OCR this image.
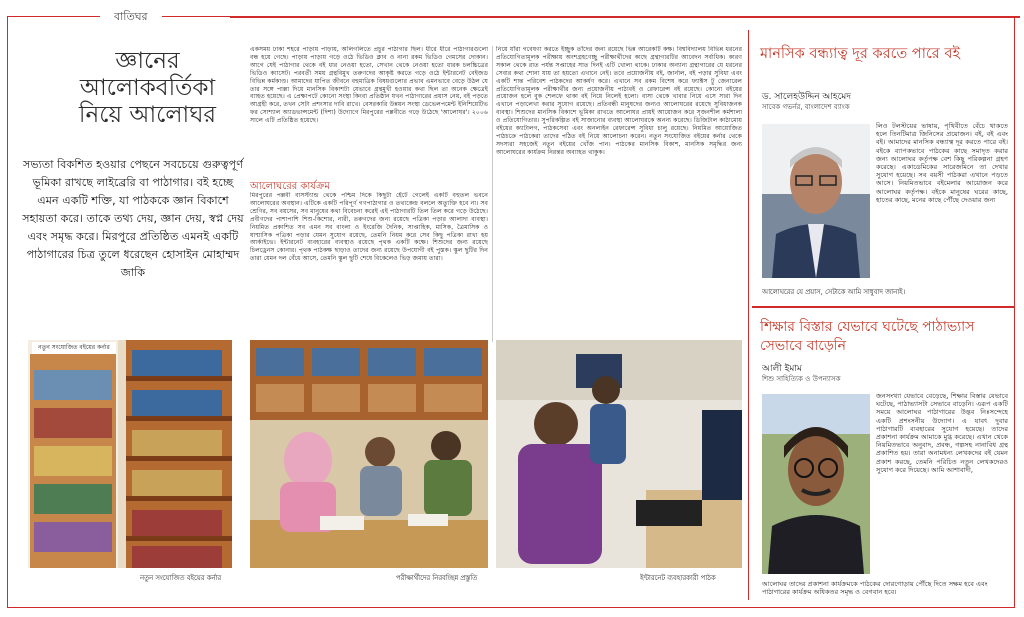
বাতিঘর
জ্ঞানের
আলোকবর্তিকা
নিয়ে আলোঘর
সভ্যতা বিকশিত হওয়ার পেছনে সবচেয়ে গুরুত্বপূর্ণ ভূমিকা রাখছে লাইব্রেরি বা পাঠাগার। বই হচ্ছে এমন একটি শক্তি, যা পাঠককে জ্ঞান বিকাশে সহায়তা করে। তাকে তথ্য দেয়, জ্ঞান দেয়, স্বপ্ন দেয় এবং সমৃদ্ধ করে। মিরপুরে প্রতিষ্ঠিত এমনই একটি পাঠাগারের চিত্র তুলে ধরেছেন হোসাইন মোহাম্মদ জাকি

একসময় ঢাকা শহরে পাড়ায় পাড়ায়, অলিগলিতে প্রচুর পাঠাগার ছিল। ধীরে ধীরে পাঠাগারগুলো বন্ধ হয়ে গেছে। পাড়ায় পাড়ায় গড়ে ওঠে ভিডিও ক্লাব ও নানা রকম ভিডিও গেমসের দোকান। আগে যেই পাঠাগার থেকে বই ধার নেওয়া হতো, সেখান থেকে নেওয়া হতো ধারক চলচ্চিত্রের ভিডিও ক্যাসেট। পরবর্তী সময় গ্রন্থবিমুখ তরুণদের আকৃষ্ট করতে গড়ে ওঠে ইন্টারনেট বেইজড বিভিন্ন কর্মকাণ্ড। আমাদের যাপিত জীবনে বহুমাত্রিক বিষয়গুলোর প্রভাব এমনভাবে বেড়ে উঠল যে তার সঙ্গে পাল্লা দিয়ে মানসিক বিকাশটা যেভাবে গ্রন্থমুখী হওয়ার কথা ছিল তা অনেক ক্ষেত্রেই ব্যাহত হয়েছে। এ প্রেক্ষাপটে কোনো সংস্থা কিংবা প্রতিষ্ঠান যখন পাঠাগারের প্রয়াস নেয়, বই পড়তে আগ্রহী করে, তখন সেটা প্রশংসার দাবি রাখে। বেসরকারি উন্নয়ন সংস্থা ডেভেলপমেন্ট ইনিশিয়েটিভ ফর সোশ্যাল অ্যাডভান্সমেন্ট (দিশা) উদ্যোগে মিরপুরের পল্লবীতে গড়ে উঠেছে 'আলোঘর'। ২০০৬ সালে এটি প্রতিষ্ঠিত হয়েছে।

আলোঘরের কার্যক্রম

মিরপুরের পল্লবী বাসস্ট্যান্ড থেকে পশ্চিম দিকে কিছুটা হেঁটে গেলেই একটি বহুতল ভবনে আলোঘরের অবস্থান। এটিকে একটি পরিপূর্ণ গণপাঠাগার ও তথ্যকেন্দ্র বললে অত্যুক্তি হবে না। সব শ্রেণির, সব বয়সের, সব মানুষের কথা বিবেচনা করেই এই পাঠাগারটি তিল তিল করে গড়ে উঠেছে। প্রবীণদের পাশাপাশি শিশু-কিশোর, নারী, তরুণদের জন্য রয়েছে পত্রিকা পড়ার আলাদা ব্যবস্থা। নিয়মিত প্রকাশিত সব এমন সব বাংলা ও ইংরেজি দৈনিক, সাপ্তাহিক, মাসিক, ত্রৈমাসিক ও ষাণ্মাসিক পত্রিকা পড়ার যেমন সুযোগ রয়েছে, তেমনি নিয়ম করে সেব কিছু পত্রিকা রাখা হয় আর্কাইভে। ইন্টারনেট ব্যবহারের ব্যবস্থাও রয়েছে পৃথক একটি কক্ষে। শিশুদের জন্য রয়েছে চিলড্রেনস কোনার। পৃথক পাঠকক্ষ ছাড়াও তাদের জন্য রয়েছে উপযোগী বই পুস্তক। স্কুল ছুটির দিন তারা যেমন দল বেঁধে আসে, তেমনি স্কুল ছুটি শেষে বিকেলেও ভিড় জমায় তারা।

নিয়ে যাঁরা গবেষণা করতে ইচ্ছুক তাঁদের জন্য রয়েছে ভিন্ন আরেকটি কক্ষ। বিশ্ববিদ্যালয় বিভিন্ন ধরনের প্রতিযোগিতামূলক পরীক্ষায় অংশগ্রহণেচ্ছু পরীক্ষার্থীদের কাছে গ্রন্থাগারটির আবেদন সর্বাধিক। কারণ সকাল থেকে রাত পর্যন্ত সপ্তাহের সাত দিনই এটি খোলা থাকে। ঢাকার অন্যান্য গ্রন্থাগারের যে ধরনের সেবার কথা শোনা যায় তা হয়তো এখানে নেই। তবে প্রয়োজনীয় বই, জার্নাল, বই পড়ার সুবিধা এবং একটি শান্ত পরিবেশ পাঠকদের আকর্ষণ করে। এখানে সব রকম বিশেষ করে ফ্যাক্টস টু জেনারেল প্রতিযোগিতামূলক পরীক্ষার্থীর জন্য প্রয়োজনীয় পাঠ্যবই ও রেফারেন্স বই রয়েছে। কোনো বইয়ের প্রয়োজন হলে বুক শেলফে থাকা বই নিয়ে নিলেই হলো। বাসা থেকে খাবার নিয়ে এসে সারা দিন এখানে পড়ালেখা করার সুযোগ রয়েছে। প্রতিবন্ধী মানুষদের জন্যও আলোঘরের রয়েছে সুবিধাজনক ব্যবস্থা। শিশুদের মানসিক বিকাশে ভূমিকা রাখতে আলোঘর প্রায়ই আয়োজন করে সৃজনশীল কর্মশালা ও প্রতিযোগিতার। সুপরিকল্পিত বই সাজানোর ব্যবস্থা আলোঘরকে অনন্য করেছে। ডিজিটাল কাঠামোয় বইয়ের ক্যাটালগ, পাঠকসেবা এবং অনলাইন রেফারেন্স সুবিধা চালু রয়েছে। নিয়মিত আয়োজিত পাঠচক্রে পাঠকেরা তাদের পঠিত বই নিয়ে আলোচনা করেন। নতুন সংযোজিত বইয়ের কর্নার থেকে সদস্যরা সহজেই নতুন বইয়ের খোঁজ পান। পাঠকের মানসিক বিকাশ, মানসিক সমৃদ্ধির জন্য আলোঘরের কার্যক্রম নিরন্তর অব্যাহত থাকুক।

নতুন সংযোজিত বইয়ের কর্নার
নতুন সংযোজিত বইয়ের কর্নার	পরীক্ষার্থীদের নিরবচ্ছিন্ন প্রস্তুতি	ইন্টারনেট ব্যবহারকারী পাঠক
মানসিক বন্ধ্যাত্ব দূর করতে পারে বই
ড. সালেহউদ্দিন আহমেদ
সাবেক গভর্নর, বাংলাদেশ ব্যাংক
লিও টলস্টয়ের ভাষায়, পৃথিবীতে বেঁচে থাকতে হলে তিনটিমাত্র জিনিসের প্রয়োজন। বই, বই এবং বই। আমাদের মানসিক বন্ধ্যাত্ব দূর করতে পারে বই। বইকে ব্যাপকভাবে পাঠকের কাছে সমাদৃত করার জন্য আলোঘর কর্তৃপক্ষ বেশ কিছু পরিকল্পনা গ্রহণ করেছে। একাডেমিকের সারেজমিনে তা দেখার সুযোগ হয়েছে। সব বয়সী পাঠকরা এখানে পড়তে আসে। নিয়মিতভাবে বইমেলার আয়োজন করে আলোঘর কর্তৃপক্ষ। বইকে মানুষের ঘরের কাছে, হাতের কাছে, মনের কাছে পৌঁছে দেওয়ার জন্য
আলোঘরের যে প্রয়াস, সেটাকে আমি সাধুবাদ জানাই।
শিক্ষার বিস্তার যেভাবে ঘটেছে পাঠাভ্যাস সেভাবে বাড়েনি
আলী ইমাম
শিশু সাহিত্যিক ও উপন্যাসক
জনসংখ্যা যেভাবে বেড়েছে, শিক্ষার বিস্তার যেভাবে ঘটেছে, পাঠাভ্যাসটা সেভাবে বাড়েনি। এরূপ একটি সময়ে আলোঘর পাঠাগারের উদ্ভব নিঃসন্দেহে একটি প্রশংসনীয় উদ্যোগ। এ যাবৎ দুবার পাঠাগারটি ব্যবহারের সুযোগ হয়েছে। তাদের প্রকাশনা কার্যক্রম আমাকে মুগ্ধ করেছে। এখান থেকে নিয়মিতভাবে অনুবাদ, প্রবন্ধ, গল্পসহ নানাবিধ গ্রন্থ প্রকাশিত হয়। তারা অনামধন্য লেখকদের বই যেমন প্রকাশ করছে, তেমনি পরিচিত নতুন লেখকদেরও সুযোগ করে দিয়েছে। আমি আশাবাদী,
আলোঘর তাদের প্রকাশনা কার্যক্রমকে পাঠকের দোরগোড়ায় পৌঁছে দিতে সক্ষম হবে এবং পাঠাগারের কার্যক্রম অধিকতর সমৃদ্ধ ও বেগবান হবে।
